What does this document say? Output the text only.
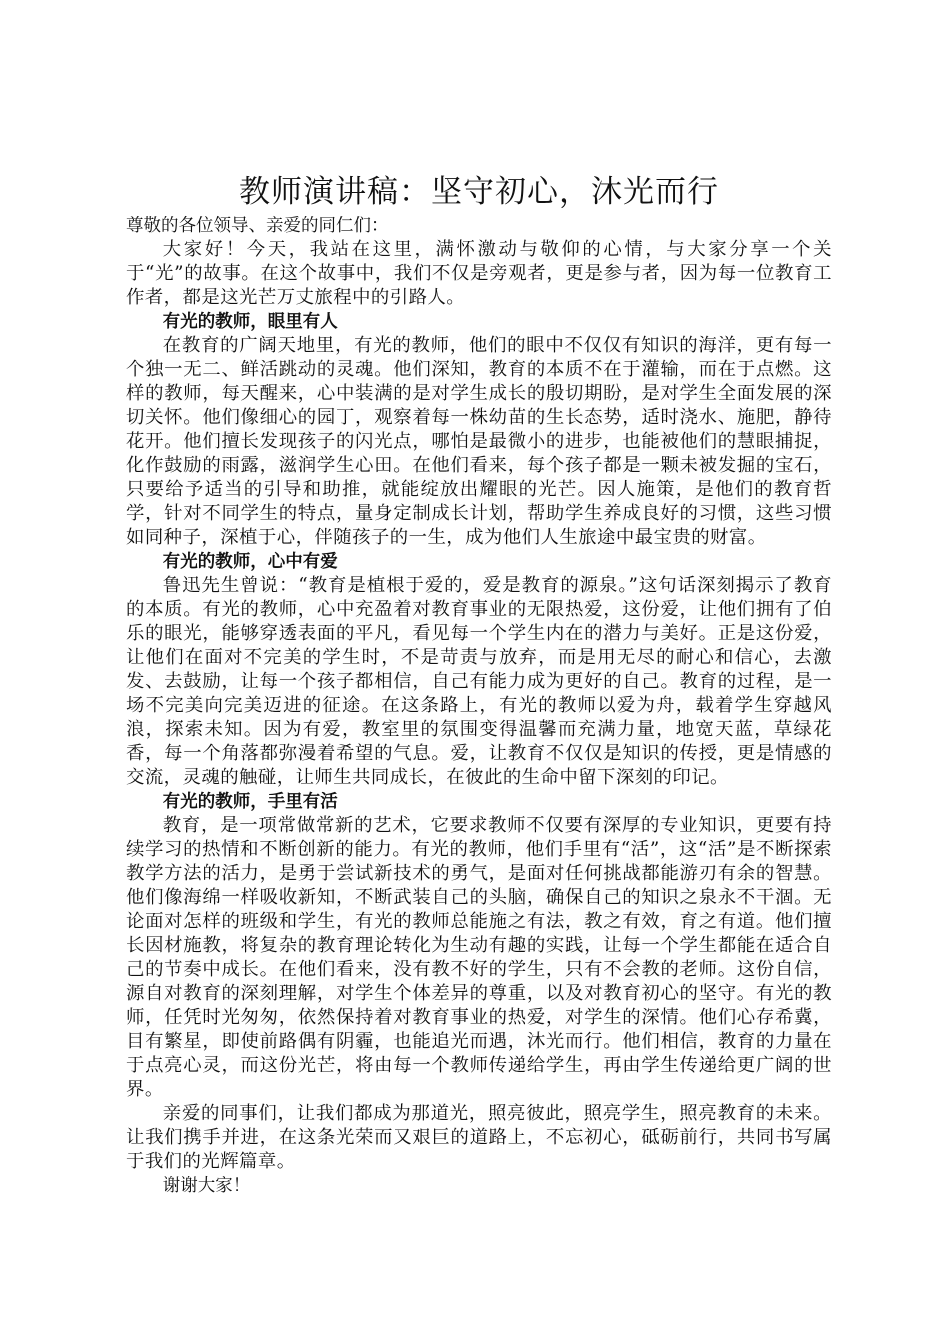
教师演讲稿：坚守初心，沐光而行

尊敬的各位领导、亲爱的同仁们：

大家好！今天，我站在这里，满怀激动与敬仰的心情，与大家分享一个关于“光”的故事。在这个故事中，我们不仅是旁观者，更是参与者，因为每一位教育工作者，都是这光芒万丈旅程中的引路人。

有光的教师，眼里有人

在教育的广阔天地里，有光的教师，他们的眼中不仅仅有知识的海洋，更有每一个独一无二、鲜活跳动的灵魂。他们深知，教育的本质不在于灌输，而在于点燃。这样的教师，每天醒来，心中装满的是对学生成长的殷切期盼，是对学生全面发展的深切关怀。他们像细心的园丁，观察着每一株幼苗的生长态势，适时浇水、施肥，静待花开。他们擅长发现孩子的闪光点，哪怕是最微小的进步，也能被他们的慧眼捕捉，化作鼓励的雨露，滋润学生心田。在他们看来，每个孩子都是一颗未被发掘的宝石，只要给予适当的引导和助推，就能绽放出耀眼的光芒。因人施策，是他们的教育哲学，针对不同学生的特点，量身定制成长计划，帮助学生养成良好的习惯，这些习惯如同种子，深植于心，伴随孩子的一生，成为他们人生旅途中最宝贵的财富。

有光的教师，心中有爱

鲁迅先生曾说：“教育是植根于爱的，爱是教育的源泉。”这句话深刻揭示了教育的本质。有光的教师，心中充盈着对教育事业的无限热爱，这份爱，让他们拥有了伯乐的眼光，能够穿透表面的平凡，看见每一个学生内在的潜力与美好。正是这份爱，让他们在面对不完美的学生时，不是苛责与放弃，而是用无尽的耐心和信心，去激发、去鼓励，让每一个孩子都相信，自己有能力成为更好的自己。教育的过程，是一场不完美向完美迈进的征途。在这条路上，有光的教师以爱为舟，载着学生穿越风浪，探索未知。因为有爱，教室里的氛围变得温馨而充满力量，地宽天蓝，草绿花香，每一个角落都弥漫着希望的气息。爱，让教育不仅仅是知识的传授，更是情感的交流，灵魂的触碰，让师生共同成长，在彼此的生命中留下深刻的印记。

有光的教师，手里有活

教育，是一项常做常新的艺术，它要求教师不仅要有深厚的专业知识，更要有持续学习的热情和不断创新的能力。有光的教师，他们手里有“活”，这“活”是不断探索教学方法的活力，是勇于尝试新技术的勇气，是面对任何挑战都能游刃有余的智慧。他们像海绵一样吸收新知，不断武装自己的头脑，确保自己的知识之泉永不干涸。无论面对怎样的班级和学生，有光的教师总能施之有法，教之有效，育之有道。他们擅长因材施教，将复杂的教育理论转化为生动有趣的实践，让每一个学生都能在适合自己的节奏中成长。在他们看来，没有教不好的学生，只有不会教的老师。这份自信，源自对教育的深刻理解，对学生个体差异的尊重，以及对教育初心的坚守。有光的教师，任凭时光匆匆，依然保持着对教育事业的热爱，对学生的深情。他们心存希冀，目有繁星，即使前路偶有阴霾，也能追光而遇，沐光而行。他们相信，教育的力量在于点亮心灵，而这份光芒，将由每一个教师传递给学生，再由学生传递给更广阔的世界。

亲爱的同事们，让我们都成为那道光，照亮彼此，照亮学生，照亮教育的未来。让我们携手并进，在这条光荣而又艰巨的道路上，不忘初心，砥砺前行，共同书写属于我们的光辉篇章。

谢谢大家！
